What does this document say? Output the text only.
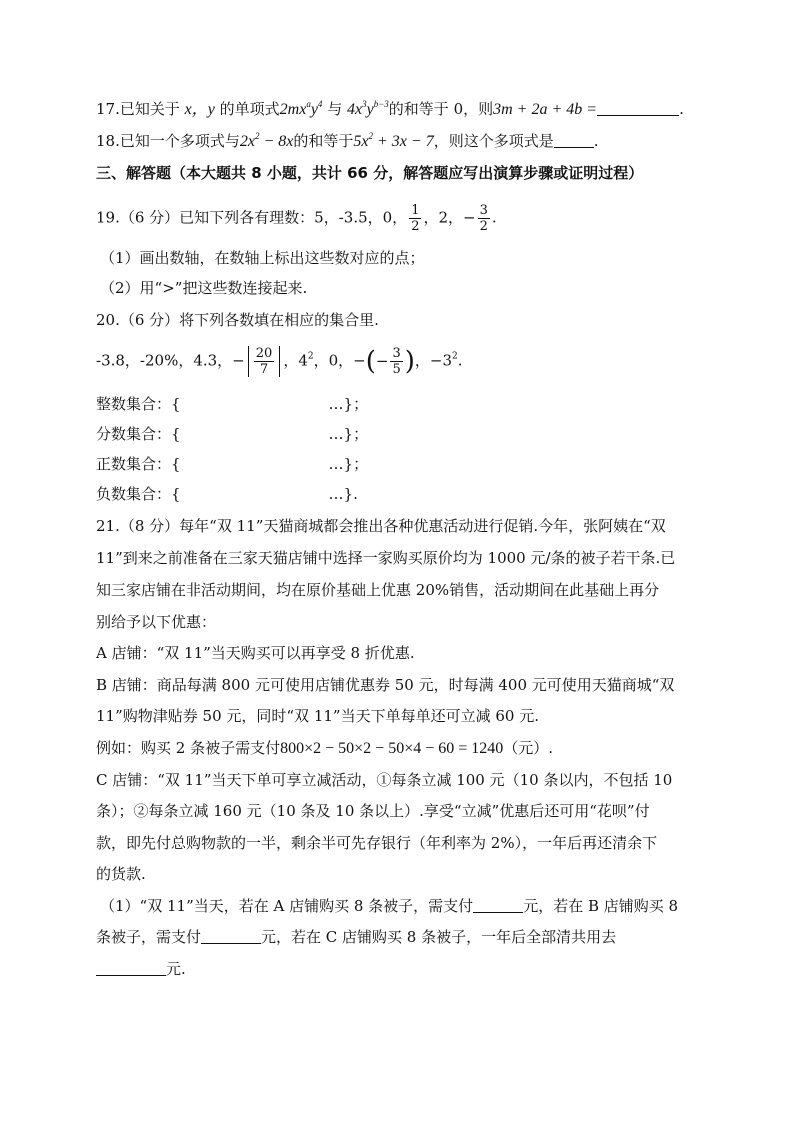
17.已知关于 x，y 的单项式$2mx^ay^4$ 与 $4x^3y^{b-3}$的和等于 0，则3m + 2a + 4b =	.
18.已知一个多项式与$2x^2 - 8x$的和等于$5x^2 + 3x - 7$，则这个多项式是	.
三、解答题（本大题共 8 小题，共计 66 分，解答题应写出演算步骤或证明过程）
19.（6 分）已知下列各有理数：5，-3.5，0， $\frac{1}{2}$ ，2，− $\frac{3}{2}$ .
（1）画出数轴，在数轴上标出这些数对应的点；
（2）用“>”把这些数连接起来.
20.（6 分）将下列各数填在相应的集合里.
-3.8，-20%，4.3，− $\frac{20}{7}$ ，$4^2$，0，−(− $\frac{3}{5}$ )，$-3^2$.
整数集合：{	…}；
分数集合：{	…}；
正数集合：{	…}；
负数集合：{	…}.
21.（8 分）每年“双 11”天猫商城都会推出各种优惠活动进行促销.今年，张阿姨在“双
11”到来之前准备在三家天猫店铺中选择一家购买原价均为 1000 元/条的被子若干条.已
知三家店铺在非活动期间，均在原价基础上优惠 20%销售，活动期间在此基础上再分
别给予以下优惠：
A 店铺：“双 11”当天购买可以再享受 8 折优惠.
B 店铺：商品每满 800 元可使用店铺优惠券 50 元，时每满 400 元可使用天猫商城“双
11”购物津贴券 50 元，同时“双 11”当天下单每单还可立减 60 元.
例如：购买 2 条被子需支付800×2 − 50×2 − 50×4 − 60 = 1240（元）.
C 店铺：“双 11”当天下单可享立减活动，①每条立减 100 元（10 条以内，不包括 10
条）；②每条立减 160 元（10 条及 10 条以上）.享受“立减”优惠后还可用“花呗”付
款，即先付总购物款的一半，剩余半可先存银行（年利率为 2%），一年后再还清余下
的货款.
（1）“双 11”当天，若在 A 店铺购买 8 条被子，需支付	元，若在 B 店铺购买 8
条被子，需支付	元，若在 C 店铺购买 8 条被子，一年后全部清共用去
元.
